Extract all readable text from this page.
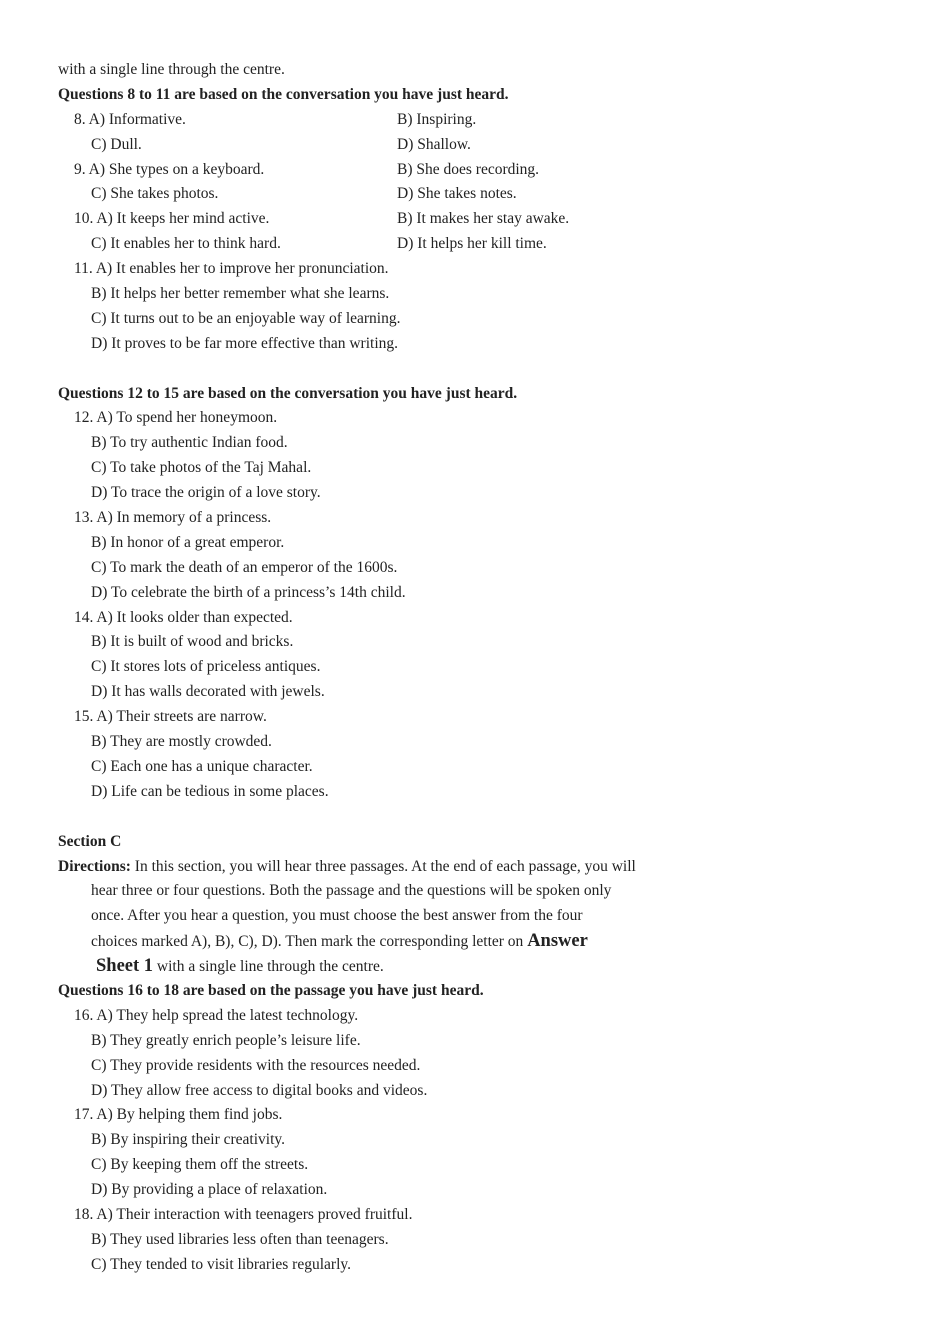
with a single line through the centre.
Questions 8 to 11 are based on the conversation you have just heard.
8. A) Informative.	B) Inspiring.
C) Dull.	D) Shallow.
9. A) She types on a keyboard.	B) She does recording.
C) She takes photos.	D) She takes notes.
10. A) It keeps her mind active.	B) It makes her stay awake.
C) It enables her to think hard.	D) It helps her kill time.
11. A) It enables her to improve her pronunciation.
B) It helps her better remember what she learns.
C) It turns out to be an enjoyable way of learning.
D) It proves to be far more effective than writing.
Questions 12 to 15 are based on the conversation you have just heard.
12. A) To spend her honeymoon.
B) To try authentic Indian food.
C) To take photos of the Taj Mahal.
D) To trace the origin of a love story.
13. A) In memory of a princess.
B) In honor of a great emperor.
C) To mark the death of an emperor of the 1600s.
D) To celebrate the birth of a princess’s 14th child.
14. A) It looks older than expected.
B) It is built of wood and bricks.
C) It stores lots of priceless antiques.
D) It has walls decorated with jewels.
15. A) Their streets are narrow.
B) They are mostly crowded.
C) Each one has a unique character.
D) Life can be tedious in some places.
Section C
Directions: In this section, you will hear three passages. At the end of each passage, you will
hear three or four questions. Both the passage and the questions will be spoken only
once. After you hear a question, you must choose the best answer from the four
choices marked A), B), C), D). Then mark the corresponding letter on Answer
Sheet 1 with a single line through the centre.
Questions 16 to 18 are based on the passage you have just heard.
16. A) They help spread the latest technology.
B) They greatly enrich people’s leisure life.
C) They provide residents with the resources needed.
D) They allow free access to digital books and videos.
17. A) By helping them find jobs.
B) By inspiring their creativity.
C) By keeping them off the streets.
D) By providing a place of relaxation.
18. A) Their interaction with teenagers proved fruitful.
B) They used libraries less often than teenagers.
C) They tended to visit libraries regularly.
